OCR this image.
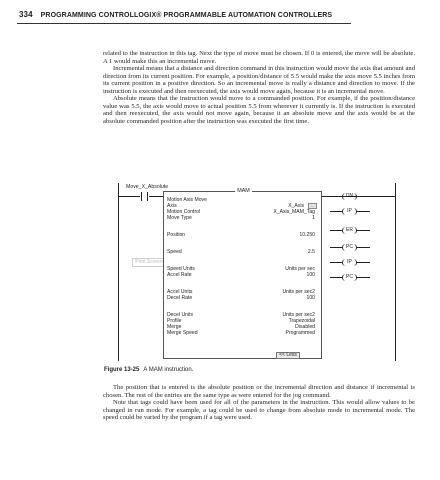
334 PROGRAMMING CONTROLLOGIX® PROGRAMMABLE AUTOMATION CONTROLLERS

related to the instruction in this tag. Next the type of move must be chosen. If 0 is entered, the move will be absolute. A 1 would make this an incremental move.

Incremental means that a distance and direction command in this instruction would move the axis that amount and direction from its current position. For example, a position/distance of 5.5 would make the axis move 5.5 inches from its current position in a positive direction. So an incremental move is really a distance and direction to move. If the instruction is executed and then reexecuted, the axis would move again, because it is an incremental move.

Absolute means that the instruction would move to a commanded position. For example, if the position/distance value was 5.5, the axis would move to actual position 5.5 from wherever it currently is. If the instruction is executed and then reexecuted, the axis would not move again, because it an absolute move and the axis would be at the absolute commanded position after the instruction was executed the first time.

Move_X_Absolute
Print Screen
MAM
Motion Axis Move
Axis	X_Axis	...
Motion Control	X_Axis_MAM_Tag
Move Type	1
Position	10.250
Speed	2.5
Speed Units	Units per sec
Accel Rate	100
Accel Units	Units per sec2
Decel Rate	100
Decel Units	Units per sec2
Profile	Trapezoidal
Merge	Disabled
Merge Speed	Programmed
<< Less
DN
IP
ER
PC
IP
PC
Figure 13-25 A MAM instruction.

The position that is entered is the absolute position or the incremental direction and distance if incremental is chosen. The rest of the entries are the same type as were entered for the jog command.

Note that tags could have been used for all of the parameters in the instruction. This would allow values to be changed in run mode. For example, a tag could be used to change from absolute mode to incremental mode. The speed could be varied by the program if a tag were used.
